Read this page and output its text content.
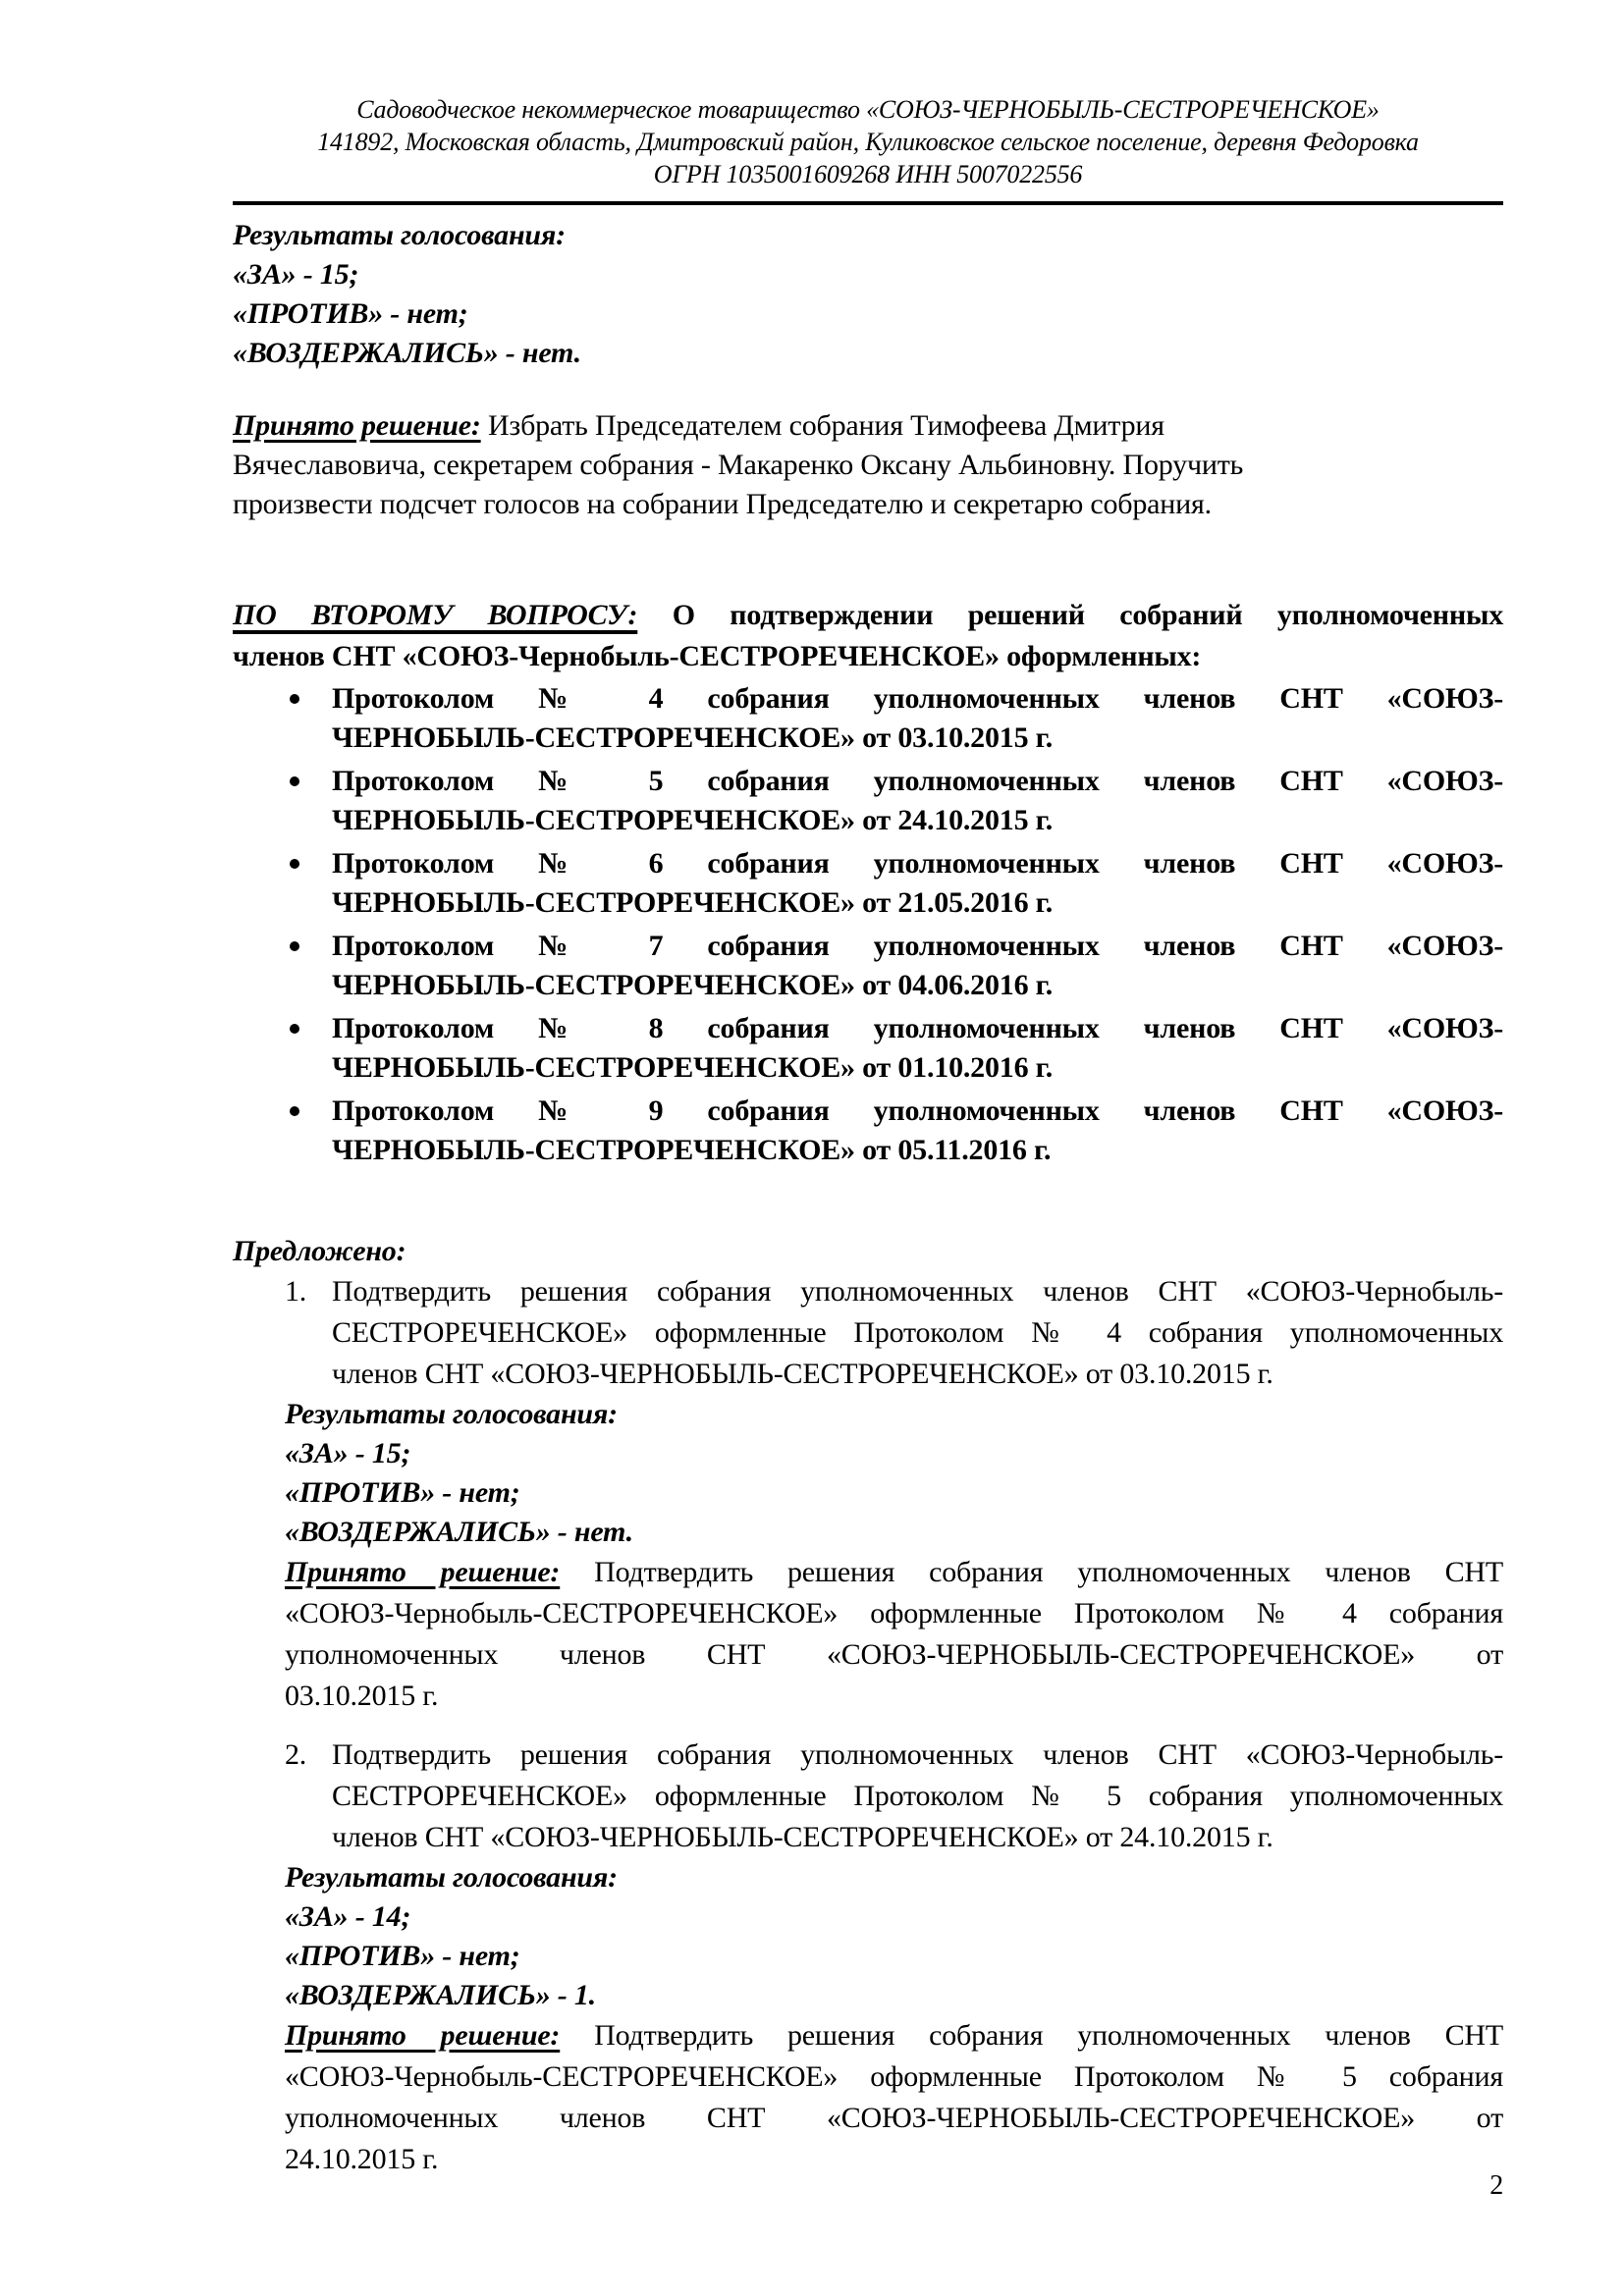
Садоводческое некоммерческое товарищество «СОЮЗ-ЧЕРНОБЫЛЬ-СЕСТРОРЕЧЕНСКОЕ»
141892, Московская область, Дмитровский район, Куликовское сельское поселение, деревня Федоровка
ОГРН 1035001609268 ИНН 5007022556
Результаты голосования:
«ЗА» - 15;
«ПРОТИВ» - нет;
«ВОЗДЕРЖАЛИСЬ» - нет.
Принято решение: Избрать Председателем собрания Тимофеева Дмитрия
Вячеславовича, секретарем собрания - Макаренко Оксану Альбиновну. Поручить
произвести подсчет голосов на собрании Председателю и секретарю собрания.
ПО ВТОРОМУ ВОПРОСУ: О подтверждении решений собраний уполномоченных
членов СНТ «СОЮЗ-Чернобыль-СЕСТРОРЕЧЕНСКОЕ» оформленных:
Протоколом № 4 собрания уполномоченных членов СНТ «СОЮЗ-
ЧЕРНОБЫЛЬ-СЕСТРОРЕЧЕНСКОЕ» от 03.10.2015 г.
Протоколом № 5 собрания уполномоченных членов СНТ «СОЮЗ-
ЧЕРНОБЫЛЬ-СЕСТРОРЕЧЕНСКОЕ» от 24.10.2015 г.
Протоколом № 6 собрания уполномоченных членов СНТ «СОЮЗ-
ЧЕРНОБЫЛЬ-СЕСТРОРЕЧЕНСКОЕ» от 21.05.2016 г.
Протоколом № 7 собрания уполномоченных членов СНТ «СОЮЗ-
ЧЕРНОБЫЛЬ-СЕСТРОРЕЧЕНСКОЕ» от 04.06.2016 г.
Протоколом № 8 собрания уполномоченных членов СНТ «СОЮЗ-
ЧЕРНОБЫЛЬ-СЕСТРОРЕЧЕНСКОЕ» от 01.10.2016 г.
Протоколом № 9 собрания уполномоченных членов СНТ «СОЮЗ-
ЧЕРНОБЫЛЬ-СЕСТРОРЕЧЕНСКОЕ» от 05.11.2016 г.
Предложено:
1. Подтвердить решения собрания уполномоченных членов СНТ «СОЮЗ-Чернобыль-
СЕСТРОРЕЧЕНСКОЕ» оформленные Протоколом № 4 собрания уполномоченных
членов СНТ «СОЮЗ-ЧЕРНОБЫЛЬ-СЕСТРОРЕЧЕНСКОЕ» от 03.10.2015 г.
Результаты голосования:
«ЗА» - 15;
«ПРОТИВ» - нет;
«ВОЗДЕРЖАЛИСЬ» - нет.
Принято решение: Подтвердить решения собрания уполномоченных членов СНТ
«СОЮЗ-Чернобыль-СЕСТРОРЕЧЕНСКОЕ» оформленные Протоколом № 4 собрания
уполномоченных членов СНТ «СОЮЗ-ЧЕРНОБЫЛЬ-СЕСТРОРЕЧЕНСКОЕ» от
03.10.2015 г.
2. Подтвердить решения собрания уполномоченных членов СНТ «СОЮЗ-Чернобыль-
СЕСТРОРЕЧЕНСКОЕ» оформленные Протоколом № 5 собрания уполномоченных
членов СНТ «СОЮЗ-ЧЕРНОБЫЛЬ-СЕСТРОРЕЧЕНСКОЕ» от 24.10.2015 г.
Результаты голосования:
«ЗА» - 14;
«ПРОТИВ» - нет;
«ВОЗДЕРЖАЛИСЬ» - 1.
Принято решение: Подтвердить решения собрания уполномоченных членов СНТ
«СОЮЗ-Чернобыль-СЕСТРОРЕЧЕНСКОЕ» оформленные Протоколом № 5 собрания
уполномоченных членов СНТ «СОЮЗ-ЧЕРНОБЫЛЬ-СЕСТРОРЕЧЕНСКОЕ» от
24.10.2015 г.
2
